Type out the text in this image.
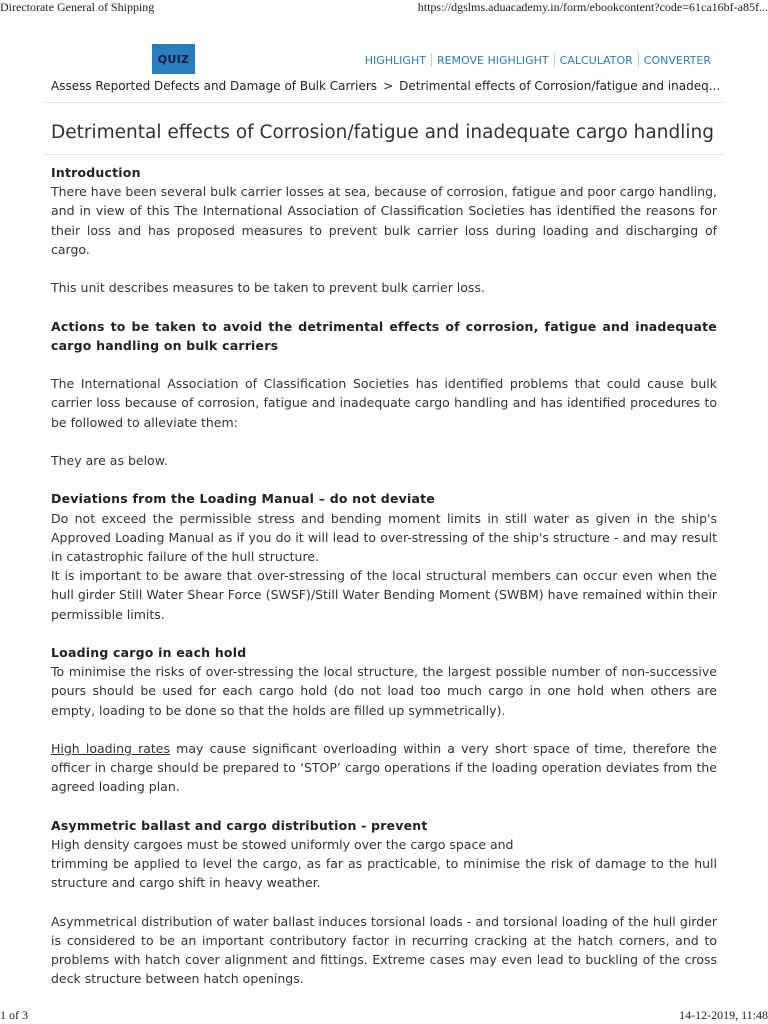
Directorate General of Shipping	https://dgslms.aduacademy.in/form/ebookcontent?code=61ca16bf-a85f...
QUIZ	HIGHLIGHT	REMOVE HIGHLIGHT	CALCULATOR	CONVERTER
Assess Reported Defects and Damage of Bulk Carriers > Detrimental effects of Corrosion/fatigue and inadeq...
Detrimental effects of Corrosion/fatigue and inadequate cargo handling

Introduction

There have been several bulk carrier losses at sea, because of corrosion, fatigue and poor cargo handling, and in view of this The International Association of Classification Societies has identified the reasons for their loss and has proposed measures to prevent bulk carrier loss during loading and discharging of cargo.

This unit describes measures to be taken to prevent bulk carrier loss.

Actions to be taken to avoid the detrimental effects of corrosion, fatigue and inadequate cargo handling on bulk carriers

The International Association of Classification Societies has identified problems that could cause bulk carrier loss because of corrosion, fatigue and inadequate cargo handling and has identified procedures to be followed to alleviate them:

They are as below.

Deviations from the Loading Manual – do not deviate

Do not exceed the permissible stress and bending moment limits in still water as given in the ship's Approved Loading Manual as if you do it will lead to over-stressing of the ship's structure - and may result in catastrophic failure of the hull structure.

It is important to be aware that over-stressing of the local structural members can occur even when the hull girder Still Water Shear Force (SWSF)/Still Water Bending Moment (SWBM) have remained within their permissible limits.

Loading cargo in each hold

To minimise the risks of over-stressing the local structure, the largest possible number of non-successive pours should be used for each cargo hold (do not load too much cargo in one hold when others are empty, loading to be done so that the holds are filled up symmetrically).

High loading rates may cause significant overloading within a very short space of time, therefore the officer in charge should be prepared to ‘STOP’ cargo operations if the loading operation deviates from the agreed loading plan.

Asymmetric ballast and cargo distribution - prevent

High density cargoes must be stowed uniformly over the cargo space and

trimming be applied to level the cargo, as far as practicable, to minimise the risk of damage to the hull structure and cargo shift in heavy weather.

Asymmetrical distribution of water ballast induces torsional loads - and torsional loading of the hull girder is considered to be an important contributory factor in recurring cracking at the hatch corners, and to problems with hatch cover alignment and fittings. Extreme cases may even lead to buckling of the cross deck structure between hatch openings.

1 of 3	14-12-2019, 11:48
